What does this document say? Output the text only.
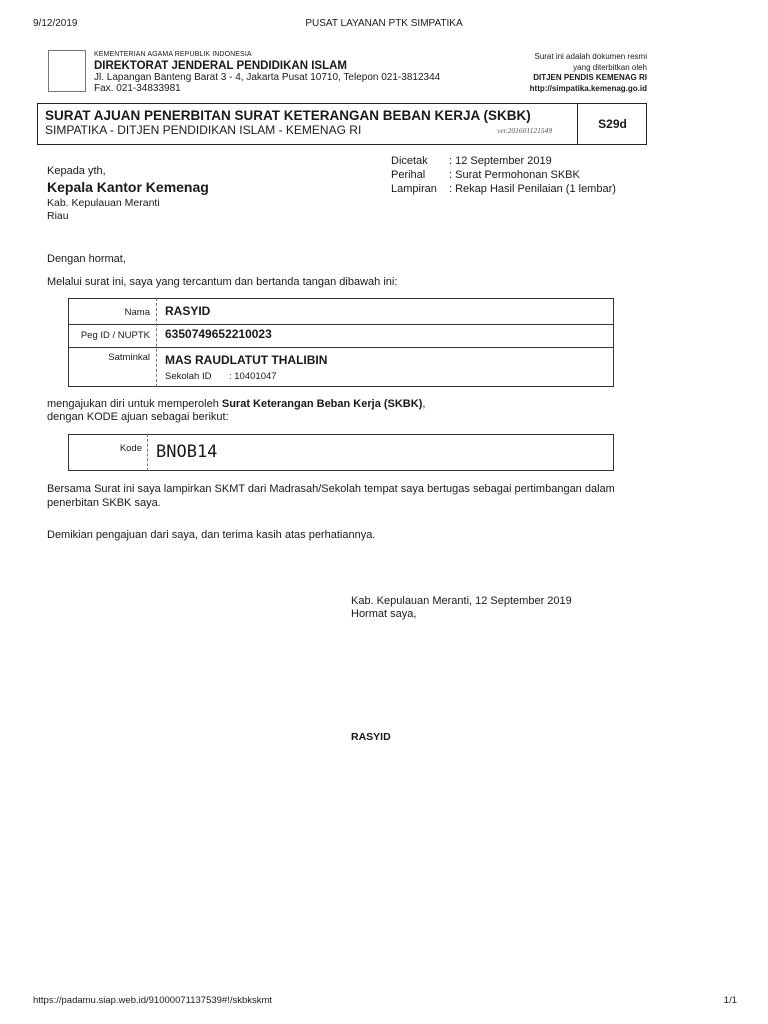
9/12/2019	PUSAT LAYANAN PTK SIMPATIKA
KEMENTERIAN AGAMA REPUBLIK INDONESIA
DIREKTORAT JENDERAL PENDIDIKAN ISLAM
Jl. Lapangan Banteng Barat 3 - 4, Jakarta Pusat 10710, Telepon 021-3812344
Fax. 021-34833981
Surat ini adalah dokumen resmi
yang diterbitkan oleh
DITJEN PENDIS KEMENAG RI
http://simpatika.kemenag.go.id
SURAT AJUAN PENERBITAN SURAT KETERANGAN BEBAN KERJA (SKBK)
SIMPATIKA - DITJEN PENDIDIKAN ISLAM - KEMENAG RI	ver.201601121549	S29d
Dicetak : 12 September 2019
Perihal : Surat Permohonan SKBK
Lampiran : Rekap Hasil Penilaian (1 lembar)
Kepada yth,
Kepala Kantor Kemenag
Kab. Kepulauan Meranti
Riau
Dengan hormat,
Melalui surat ini, saya yang tercantum dan bertanda tangan dibawah ini:
Nama RASYID
Peg ID / NUPTK 6350749652210023
Satminkal MAS RAUDLATUT THALIBIN
Sekolah ID : 10401047
mengajukan diri untuk memperoleh Surat Keterangan Beban Kerja (SKBK),
dengan KODE ajuan sebagai berikut:
Kode BNOB14
Bersama Surat ini saya lampirkan SKMT dari Madrasah/Sekolah tempat saya bertugas sebagai pertimbangan dalam
penerbitan SKBK saya.
Demikian pengajuan dari saya, dan terima kasih atas perhatiannya.
Kab. Kepulauan Meranti, 12 September 2019
Hormat saya,
RASYID
https://padamu.siap.web.id/91000071137539#!/skbkskmt	1/1
